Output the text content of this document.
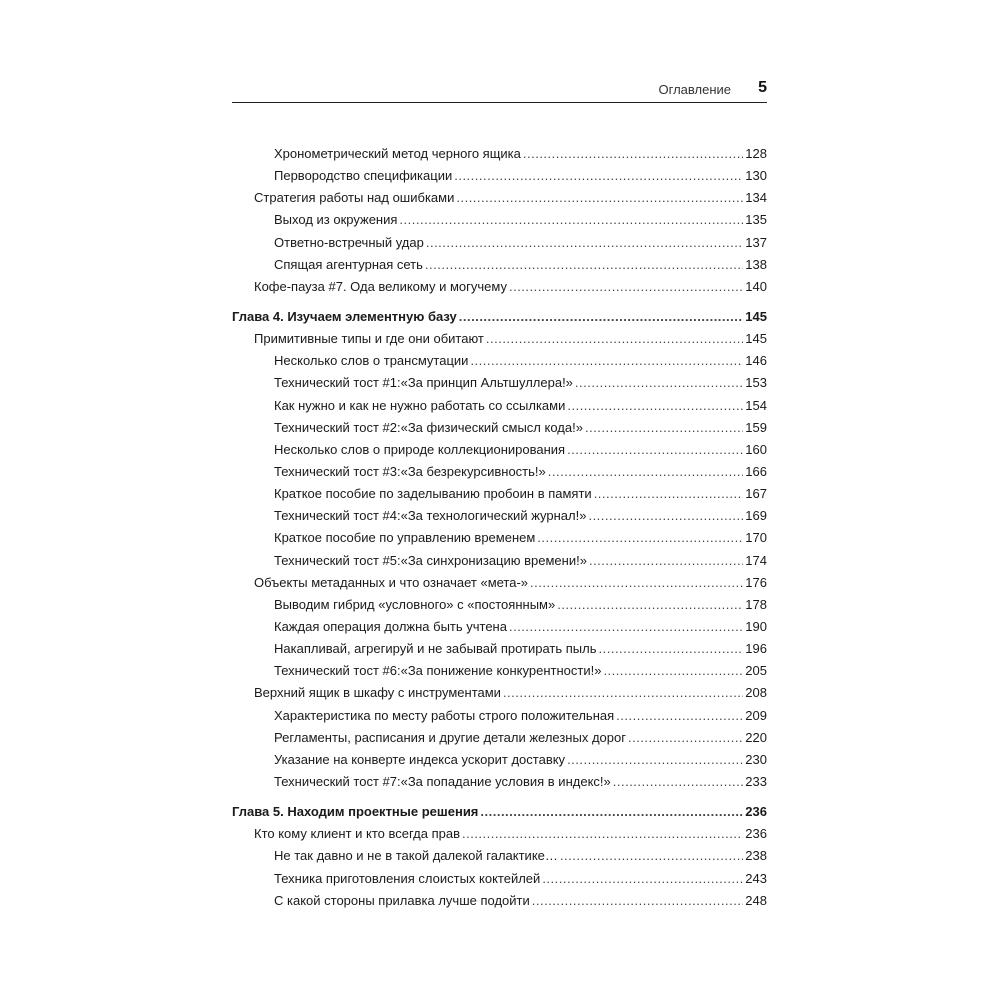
Оглавление 5
Хронометрический метод черного ящика .....	128
Первородство спецификации .....	130
Стратегия работы над ошибками .....	134
Выход из окружения .....	135
Ответно-встречный удар .....	137
Спящая агентурная сеть .....	138
Кофе-пауза #7. Ода великому и могучему .....	140
Глава 4. Изучаем элементную базу .....	145
Примитивные типы и где они обитают .....	145
Несколько слов о трансмутации .....	146
Технический тост #1:«За принцип Альтшуллера!» .....	153
Как нужно и как не нужно работать со ссылками .....	154
Технический тост #2:«За физический смысл кода!» .....	159
Несколько слов о природе коллекционирования .....	160
Технический тост #3:«За безрекурсивность!» .....	166
Краткое пособие по заделыванию пробоин в памяти .....	167
Технический тост #4:«За технологический журнал!» .....	169
Краткое пособие по управлению временем .....	170
Технический тост #5:«За синхронизацию времени!» .....	174
Объекты метаданных и что означает «мета-» .....	176
Выводим гибрид «условного» с «постоянным» .....	178
Каждая операция должна быть учтена .....	190
Накапливай, агрегируй и не забывай протирать пыль .....	196
Технический тост #6:«За понижение конкурентности!» .....	205
Верхний ящик в шкафу с инструментами .....	208
Характеристика по месту работы строго положительная .....	209
Регламенты, расписания и другие детали железных дорог .....	220
Указание на конверте индекса ускорит доставку .....	230
Технический тост #7:«За попадание условия в индекс!» .....	233
Глава 5. Находим проектные решения .....	236
Кто кому клиент и кто всегда прав .....	236
Не так давно и не в такой далекой галактике… .....	238
Техника приготовления слоистых коктейлей .....	243
С какой стороны прилавка лучше подойти .....	248
